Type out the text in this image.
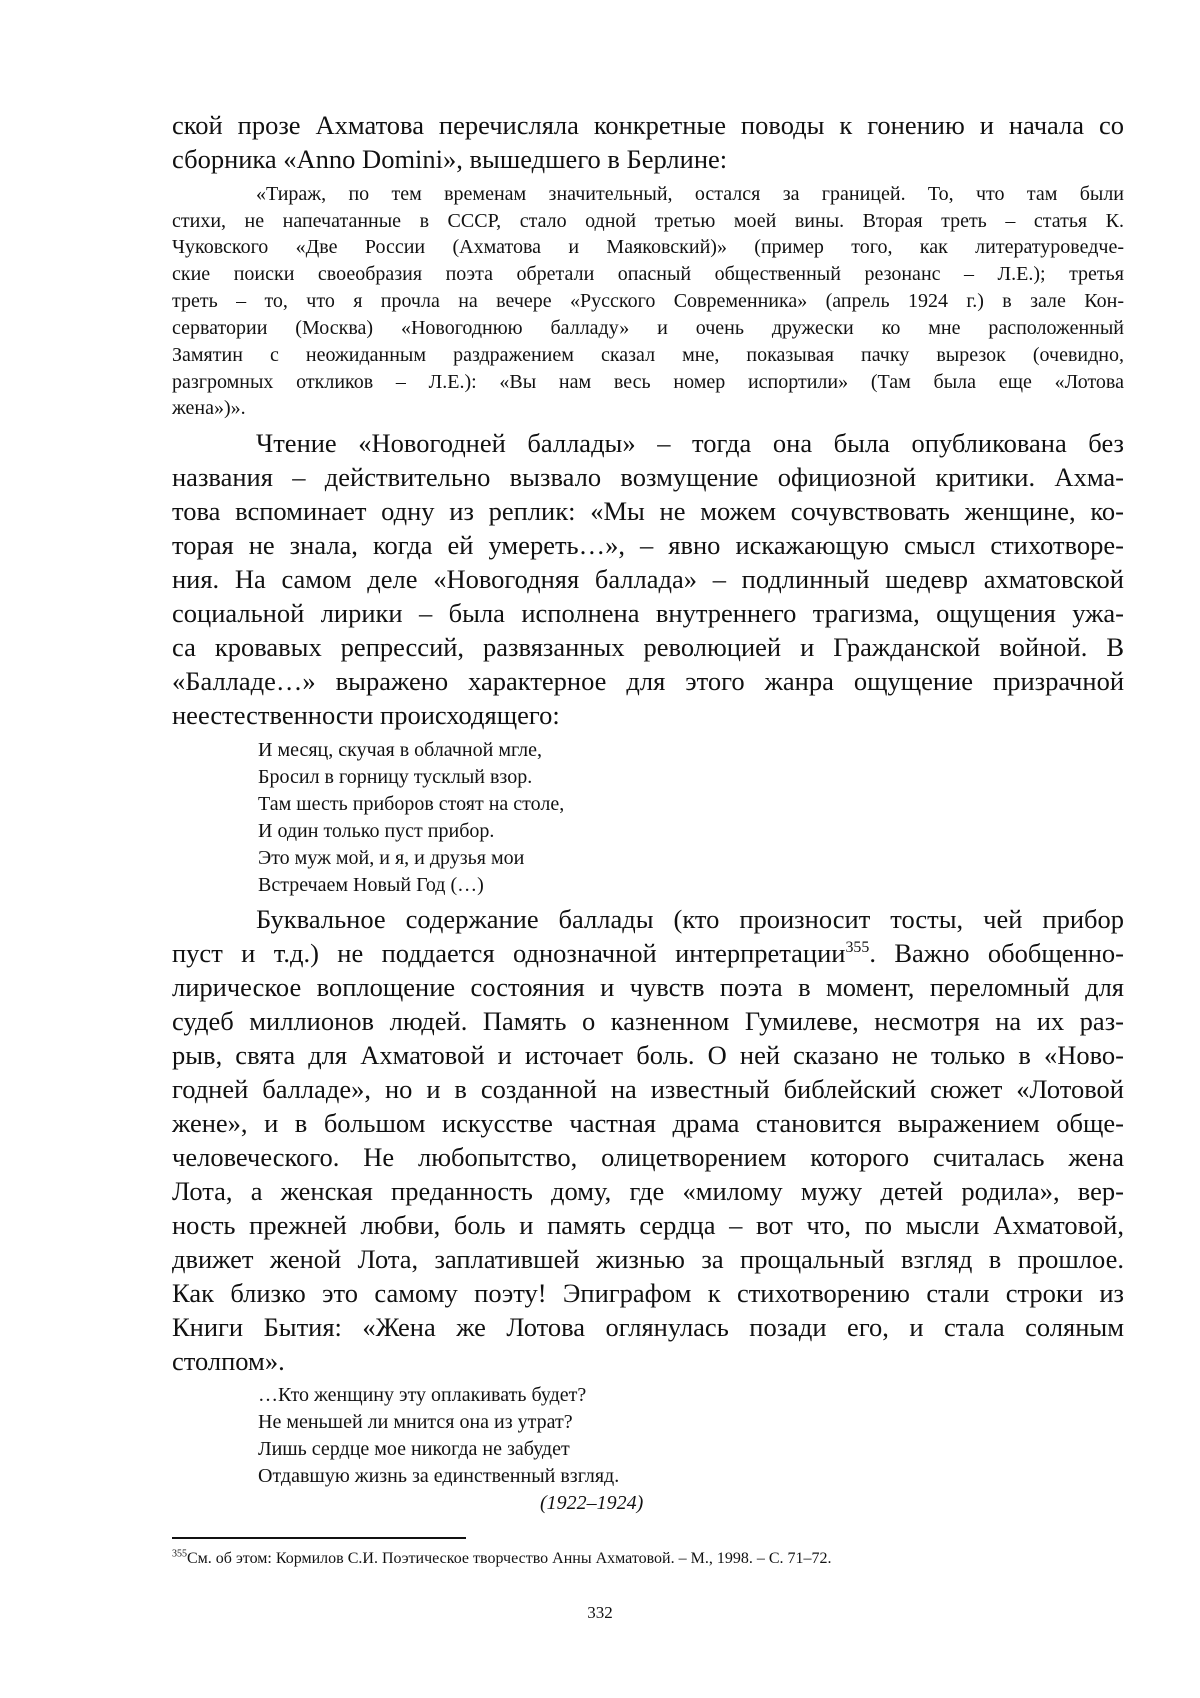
ской прозе Ахматова перечисляла конкретные поводы к гонению и начала со
сборника «Anno Domini», вышедшего в Берлине:
«Тираж, по тем временам значительный, остался за границей. То, что там были
стихи, не напечатанные в СССР, стало одной третью моей вины. Вторая треть – статья К.
Чуковского «Две России (Ахматова и Маяковский)» (пример того, как литературоведче-
ские поиски своеобразия поэта обретали опасный общественный резонанс – Л.Е.); третья
треть – то, что я прочла на вечере «Русского Современника» (апрель 1924 г.) в зале Кон-
серватории (Москва) «Новогоднюю балладу» и очень дружески ко мне расположенный
Замятин с неожиданным раздражением сказал мне, показывая пачку вырезок (очевидно,
разгромных откликов – Л.Е.): «Вы нам весь номер испортили» (Там была еще «Лотова
жена»)».
Чтение «Новогодней баллады» – тогда она была опубликована без
названия – действительно вызвало возмущение официозной критики. Ахма-
това вспоминает одну из реплик: «Мы не можем сочувствовать женщине, ко-
торая не знала, когда ей умереть…», – явно искажающую смысл стихотворе-
ния. На самом деле «Новогодняя баллада» – подлинный шедевр ахматовской
социальной лирики – была исполнена внутреннего трагизма, ощущения ужа-
са кровавых репрессий, развязанных революцией и Гражданской войной. В
«Балладе…» выражено характерное для этого жанра ощущение призрачной
неестественности происходящего:
И месяц, скучая в облачной мгле,
Бросил в горницу тусклый взор.
Там шесть приборов стоят на столе,
И один только пуст прибор.
Это муж мой, и я, и друзья мои
Встречаем Новый Год (…)
Буквальное содержание баллады (кто произносит тосты, чей прибор
пуст и т.д.) не поддается однозначной интерпретации$^{355}$. Важно обобщенно-
лирическое воплощение состояния и чувств поэта в момент, переломный для
судеб миллионов людей. Память о казненном Гумилеве, несмотря на их раз-
рыв, свята для Ахматовой и источает боль. О ней сказано не только в «Ново-
годней балладе», но и в созданной на известный библейский сюжет «Лотовой
жене», и в большом искусстве частная драма становится выражением обще-
человеческого. Не любопытство, олицетворением которого считалась жена
Лота, а женская преданность дому, где «милому мужу детей родила», вер-
ность прежней любви, боль и память сердца – вот что, по мысли Ахматовой,
движет женой Лота, заплатившей жизнью за прощальный взгляд в прошлое.
Как близко это самому поэту! Эпиграфом к стихотворению стали строки из
Книги Бытия: «Жена же Лотова оглянулась позади его, и стала соляным
столпом».
…Кто женщину эту оплакивать будет?
Не меньшей ли мнится она из утрат?
Лишь сердце мое никогда не забудет
Отдавшую жизнь за единственный взгляд.
(1922–1924)
$^{355}$См. об этом: Кормилов С.И. Поэтическое творчество Анны Ахматовой. – М., 1998. – С. 71–72.
332
